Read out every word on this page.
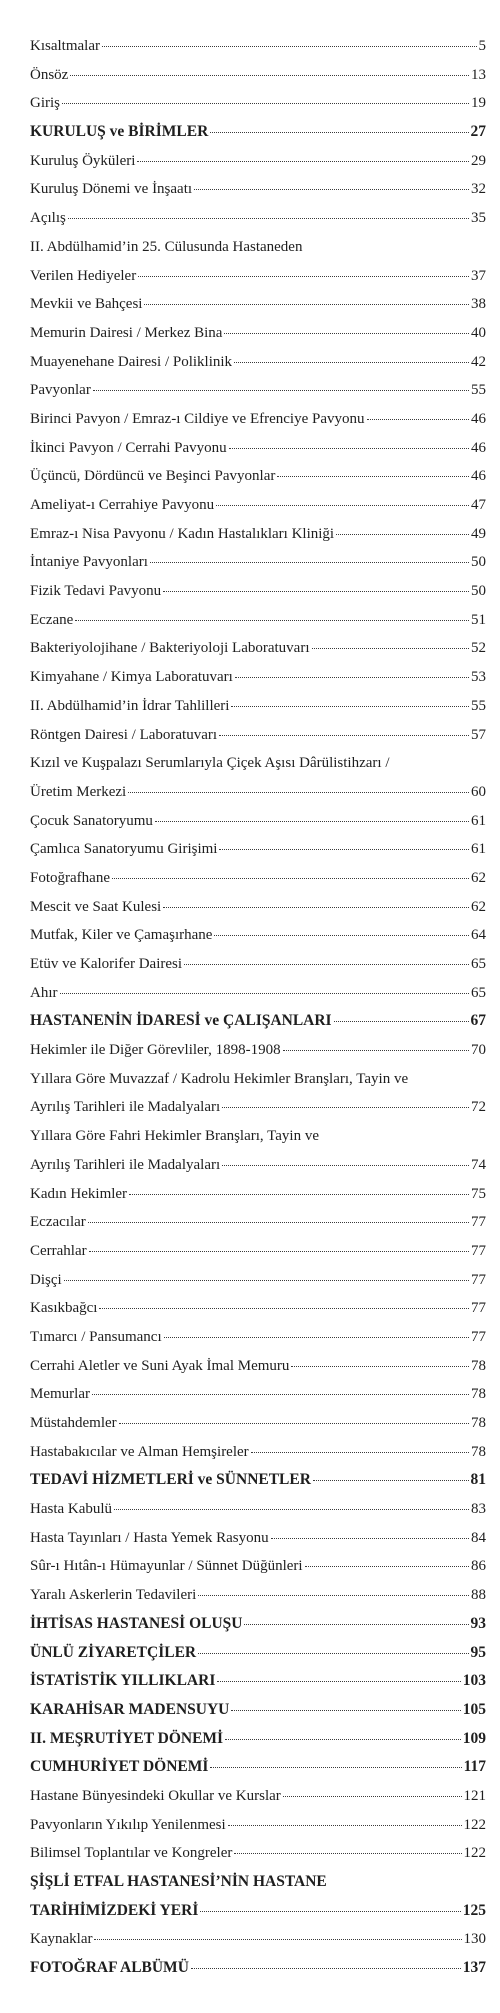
Kısaltmalar	5
Önsöz	13
Giriş	19
KURULUŞ ve BİRİMLER	27
Kuruluş Öyküleri	29
Kuruluş Dönemi ve İnşaatı	32
Açılış	35
II. Abdülhamid’in 25. Cülusunda Hastaneden
Verilen Hediyeler	37
Mevkii ve Bahçesi	38
Memurin Dairesi / Merkez Bina	40
Muayenehane Dairesi / Poliklinik	42
Pavyonlar	55
Birinci Pavyon / Emraz-ı Cildiye ve Efrenciye Pavyonu	46
İkinci Pavyon / Cerrahi Pavyonu	46
Üçüncü, Dördüncü ve Beşinci Pavyonlar	46
Ameliyat-ı Cerrahiye Pavyonu	47
Emraz-ı Nisa Pavyonu / Kadın Hastalıkları Kliniği	49
İntaniye Pavyonları	50
Fizik Tedavi Pavyonu	50
Eczane	51
Bakteriyolojihane / Bakteriyoloji Laboratuvarı	52
Kimyahane / Kimya Laboratuvarı	53
II. Abdülhamid’in İdrar Tahlilleri	55
Röntgen Dairesi / Laboratuvarı	57
Kızıl ve Kuşpalazı Serumlarıyla Çiçek Aşısı Dârülistihzarı /
Üretim Merkezi	60
Çocuk Sanatoryumu	61
Çamlıca Sanatoryumu Girişimi	61
Fotoğrafhane	62
Mescit ve Saat Kulesi	62
Mutfak, Kiler ve Çamaşırhane	64
Etüv ve Kalorifer Dairesi	65
Ahır	65
HASTANENİN İDARESİ ve ÇALIŞANLARI	67
Hekimler ile Diğer Görevliler, 1898-1908	70
Yıllara Göre Muvazzaf / Kadrolu Hekimler Branşları, Tayin ve
Ayrılış Tarihleri ile Madalyaları	72
Yıllara Göre Fahri Hekimler Branşları, Tayin ve
Ayrılış Tarihleri ile Madalyaları	74
Kadın Hekimler	75
Eczacılar	77
Cerrahlar	77
Dişçi	77
Kasıkbağcı	77
Tımarcı / Pansumancı	77
Cerrahi Aletler ve Suni Ayak İmal Memuru	78
Memurlar	78
Müstahdemler	78
Hastabakıcılar ve Alman Hemşireler	78
TEDAVİ HİZMETLERİ ve SÜNNETLER	81
Hasta Kabulü	83
Hasta Tayınları / Hasta Yemek Rasyonu	84
Sûr-ı Hıtân-ı Hümayunlar / Sünnet Düğünleri	86
Yaralı Askerlerin Tedavileri	88
İHTİSAS HASTANESİ OLUŞU	93
ÜNLÜ ZİYARETÇİLER	95
İSTATİSTİK YILLIKLARI	103
KARAHİSAR MADENSUYU	105
II. MEŞRUTİYET DÖNEMİ	109
CUMHURİYET DÖNEMİ	117
Hastane Bünyesindeki Okullar ve Kurslar	121
Pavyonların Yıkılıp Yenilenmesi	122
Bilimsel Toplantılar ve Kongreler	122
ŞİŞLİ ETFAL HASTANESİ’NİN HASTANE
TARİHİMİZDEKİ YERİ	125
Kaynaklar	130
FOTOĞRAF ALBÜMÜ	137
